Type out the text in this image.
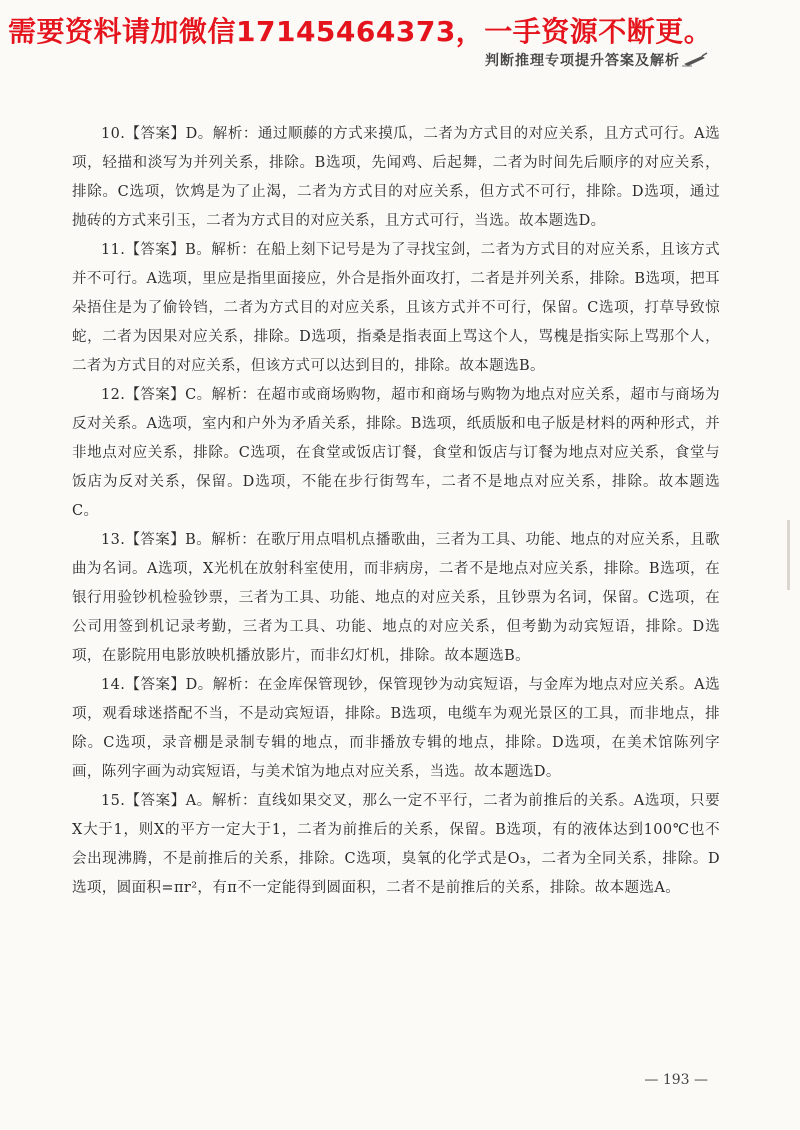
需要资料请加微信17145464373，一手资源不断更。
判断推理专项提升答案及解析

10.【答案】D。解析：通过顺藤的方式来摸瓜，二者为方式目的对应关系，且方式可行。A选项，轻描和淡写为并列关系，排除。B选项，先闻鸡、后起舞，二者为时间先后顺序的对应关系，排除。C选项，饮鸩是为了止渴，二者为方式目的对应关系，但方式不可行，排除。D选项，通过抛砖的方式来引玉，二者为方式目的对应关系，且方式可行，当选。故本题选D。

11.【答案】B。解析：在船上刻下记号是为了寻找宝剑，二者为方式目的对应关系，且该方式并不可行。A选项，里应是指里面接应，外合是指外面攻打，二者是并列关系，排除。B选项，把耳朵捂住是为了偷铃铛，二者为方式目的对应关系，且该方式并不可行，保留。C选项，打草导致惊蛇，二者为因果对应关系，排除。D选项，指桑是指表面上骂这个人，骂槐是指实际上骂那个人，二者为方式目的对应关系，但该方式可以达到目的，排除。故本题选B。

12.【答案】C。解析：在超市或商场购物，超市和商场与购物为地点对应关系，超市与商场为反对关系。A选项，室内和户外为矛盾关系，排除。B选项，纸质版和电子版是材料的两种形式，并非地点对应关系，排除。C选项，在食堂或饭店订餐，食堂和饭店与订餐为地点对应关系，食堂与饭店为反对关系，保留。D选项，不能在步行街驾车，二者不是地点对应关系，排除。故本题选C。

13.【答案】B。解析：在歌厅用点唱机点播歌曲，三者为工具、功能、地点的对应关系，且歌曲为名词。A选项，X光机在放射科室使用，而非病房，二者不是地点对应关系，排除。B选项，在银行用验钞机检验钞票，三者为工具、功能、地点的对应关系，且钞票为名词，保留。C选项，在公司用签到机记录考勤，三者为工具、功能、地点的对应关系，但考勤为动宾短语，排除。D选项，在影院用电影放映机播放影片，而非幻灯机，排除。故本题选B。

14.【答案】D。解析：在金库保管现钞，保管现钞为动宾短语，与金库为地点对应关系。A选项，观看球迷搭配不当，不是动宾短语，排除。B选项，电缆车为观光景区的工具，而非地点，排除。C选项，录音棚是录制专辑的地点，而非播放专辑的地点，排除。D选项，在美术馆陈列字画，陈列字画为动宾短语，与美术馆为地点对应关系，当选。故本题选D。

15.【答案】A。解析：直线如果交叉，那么一定不平行，二者为前推后的关系。A选项，只要X大于1，则X的平方一定大于1，二者为前推后的关系，保留。B选项，有的液体达到100℃也不会出现沸腾，不是前推后的关系，排除。C选项，臭氧的化学式是O₃，二者为全同关系，排除。D选项，圆面积=πr²，有π不一定能得到圆面积，二者不是前推后的关系，排除。故本题选A。

— 193 —
